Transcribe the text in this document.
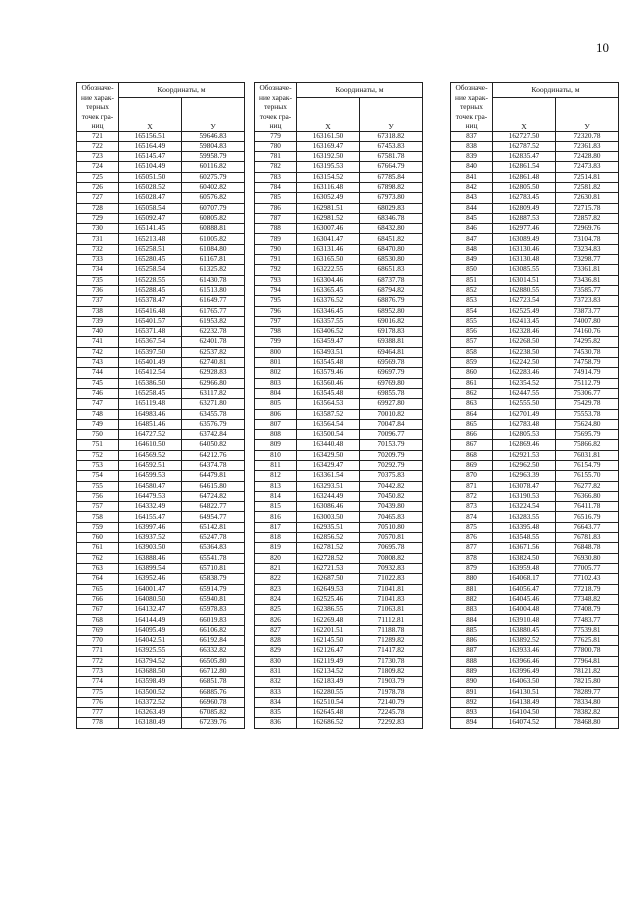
10
Обозначе-ние харак-терных точек гра-ниц	Координаты, м	
	X	У
721	165156.51	59646.83
722	165164.49	59804.83
723	165145.47	59958.79
724	165104.49	60116.82
725	165051.50	60275.79
726	165028.52	60402.82
727	165028.47	60576.82
728	165058.54	60707.79
729	165092.47	60805.82
730	165141.45	60888.81
731	165213.48	61005.82
732	165258.51	61084.80
733	165280.45	61167.81
734	165258.54	61325.82
735	165228.55	61430.78
736	165288.45	61513.80
737	165378.47	61649.77
738	165416.48	61765.77
739	165401.57	61953.82
740	165371.48	62232.78
741	165367.54	62401.78
742	165397.50	62537.82
743	165401.49	62740.81
744	165412.54	62928.83
745	165386.50	62966.80
746	165258.45	63117.82
747	165119.48	63271.80
748	164983.46	63455.78
749	164851.46	63576.79
750	164727.52	63742.84
751	164610.50	64050.82
752	164569.52	64212.76
753	164592.51	64374.78
754	164599.53	64479.81
755	164580.47	64615.80
756	164479.53	64724.82
757	164332.49	64822.77
758	164155.47	64954.77
759	163997.46	65142.81
760	163937.52	65247.78
761	163903.50	65364.83
762	163888.46	65541.78
763	163899.54	65710.81
764	163952.46	65838.79
765	164001.47	65914.79
766	164080.50	65940.81
767	164132.47	65978.83
768	164144.49	66019.83
769	164095.49	66106.82
770	164042.51	66192.84
771	163925.55	66332.82
772	163794.52	66505.80
773	163688.50	66712.80
774	163598.49	66851.78
775	163500.52	66885.76
776	163372.52	66960.78
777	163263.49	67085.82
778	163180.49	67239.76
Обозначе-ние харак-терных точек гра-ниц	Координаты, м	
	X	У
779	163161.50	67318.82
780	163169.47	67453.83
781	163192.50	67581.78
782	163195.53	67664.79
783	163154.52	67785.84
784	163116.48	67898.82
785	163052.49	67973.80
786	162981.51	68029.83
787	162981.52	68346.78
788	163007.46	68432.80
789	163041.47	68451.82
790	163131.46	68470.80
791	163165.50	68530.80
792	163222.55	68651.83
793	163304.46	68737.78
794	163365.45	68794.82
795	163376.52	68876.79
796	163346.45	68952.80
797	163357.55	69016.82
798	163406.52	69178.83
799	163459.47	69388.81
800	163493.51	69464.81
801	163545.48	69569.78
802	163579.46	69697.79
803	163560.46	69769.80
804	163545.48	69855.78
805	163564.53	69927.80
806	163587.52	70010.82
807	163564.54	70047.84
808	163500.54	70096.77
809	163440.48	70153.79
810	163429.50	70209.79
811	163429.47	70292.79
812	163361.54	70375.83
813	163293.51	70442.82
814	163244.49	70450.82
815	163086.46	70439.80
816	163003.50	70465.83
817	162935.51	70510.80
818	162856.52	70570.81
819	162781.52	70695.78
820	162728.52	70808.82
821	162721.53	70932.83
822	162687.50	71022.83
823	162649.53	71041.81
824	162525.46	71041.83
825	162386.55	71063.81
826	162269.48	71112.81
827	162201.51	71188.78
828	162145.50	71289.82
829	162126.47	71417.82
830	162119.49	71730.78
831	162134.52	71809.82
832	162183.49	71903.79
833	162280.55	71978.78
834	162510.54	72140.79
835	162645.48	72245.78
836	162686.52	72292.83
Обозначе-ние харак-терных точек гра-ниц	Координаты, м	
	X	У
837	162727.50	72320.78
838	162787.52	72361.83
839	162835.47	72428.80
840	162861.54	72473.83
841	162861.48	72514.81
842	162805.50	72581.82
843	162783.45	72630.81
844	162809.49	72715.78
845	162887.53	72857.82
846	162977.46	72969.76
847	163089.49	73104.78
848	163130.46	73234.83
849	163130.48	73298.77
850	163085.55	73361.81
851	163014.51	73436.81
852	162880.55	73585.77
853	162723.54	73723.83
854	162525.49	73873.77
855	162413.45	74007.80
856	162328.46	74160.76
857	162268.50	74295.82
858	162238.50	74530.78
859	162242.50	74758.79
860	162283.46	74914.79
861	162354.52	75112.79
862	162447.55	75306.77
863	162555.50	75429.78
864	162701.49	75553.78
865	162783.48	75624.80
866	162805.53	75695.79
867	162869.46	75866.82
868	162921.53	76031.81
869	162962.50	76154.79
870	162963.39	76155.70
871	163078.47	76277.82
872	163190.53	76366.80
873	163224.54	76411.78
874	163283.55	76516.79
875	163395.48	76643.77
876	163548.55	76781.83
877	163671.56	76848.78
878	163824.50	76930.80
879	163959.48	77005.77
880	164068.17	77102.43
881	164056.47	77218.79
882	164045.46	77348.82
883	164004.48	77408.79
884	163910.48	77483.77
885	163880.45	77539.81
886	163892.52	77625.81
887	163933.46	77800.78
888	163966.46	77964.81
889	163996.49	78121.82
890	164063.50	78215.80
891	164130.51	78289.77
892	164138.49	78334.80
893	164104.50	78382.82
894	164074.52	78468.80
